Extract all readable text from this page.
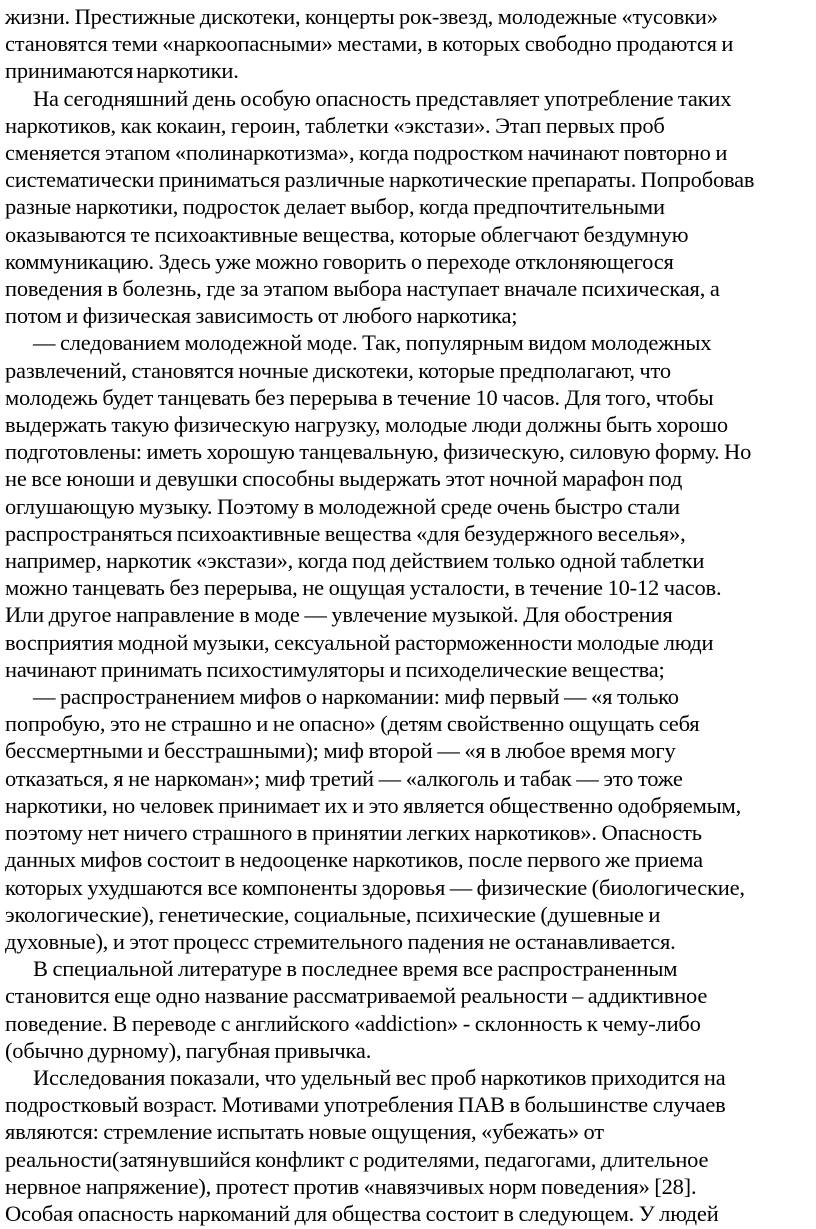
жизни. Престижные дискотеки, концерты рок-звезд, молодежные «тусовки»
становятся теми «наркоопасными» местами, в которых свободно продаются и
принимаются наркотики.
На сегодняшний день особую опасность представляет употребление таких
наркотиков, как кокаин, героин, таблетки «экстази». Этап первых проб
сменяется этапом «полинаркотизма», когда подростком начинают повторно и
систематически приниматься различные наркотические препараты. Попробовав
разные наркотики, подросток делает выбор, когда предпочтительными
оказываются те психоактивные вещества, которые облегчают бездумную
коммуникацию. Здесь уже можно говорить о переходе отклоняющегося
поведения в болезнь, где за этапом выбора наступает вначале психическая, а
потом и физическая зависимость от любого наркотика;
— следованием молодежной моде. Так, популярным видом молодежных
развлечений, становятся ночные дискотеки, которые предполагают, что
молодежь будет танцевать без перерыва в течение 10 часов. Для того, чтобы
выдержать такую физическую нагрузку, молодые люди должны быть хорошо
подготовлены: иметь хорошую танцевальную, физическую, силовую форму. Но
не все юноши и девушки способны выдержать этот ночной марафон под
оглушающую музыку. Поэтому в молодежной среде очень быстро стали
распространяться психоактивные вещества «для безудержного веселья»,
например, наркотик «экстази», когда под действием только одной таблетки
можно танцевать без перерыва, не ощущая усталости, в течение 10-12 часов.
Или другое направление в моде — увлечение музыкой. Для обострения
восприятия модной музыки, сексуальной расторможенности молодые люди
начинают принимать психостимуляторы и психоделические вещества;
— распространением мифов о наркомании: миф первый — «я только
попробую, это не страшно и не опасно» (детям свойственно ощущать себя
бессмертными и бесстрашными); миф второй — «я в любое время могу
отказаться, я не наркоман»; миф третий — «алкоголь и табак — это тоже
наркотики, но человек принимает их и это является общественно одобряемым,
поэтому нет ничего страшного в принятии легких наркотиков». Опасность
данных мифов состоит в недооценке наркотиков, после первого же приема
которых ухудшаются все компоненты здоровья — физические (биологические,
экологические), генетические, социальные, психические (душевные и
духовные), и этот процесс стремительного падения не останавливается.
В специальной литературе в последнее время все распространенным
становится еще одно название рассматриваемой реальности – аддиктивное
поведение. В переводе с английского «addiction» - склонность к чему-либо
(обычно дурному), пагубная привычка.
Исследования показали, что удельный вес проб наркотиков приходится на
подростковый возраст. Мотивами употребления ПАВ в большинстве случаев
являются: стремление испытать новые ощущения, «убежать» от
реальности(затянувшийся конфликт с родителями, педагогами, длительное
нервное напряжение), протест против «навязчивых норм поведения» [28].
Особая опасность наркоманий для общества состоит в следующем. У людей
